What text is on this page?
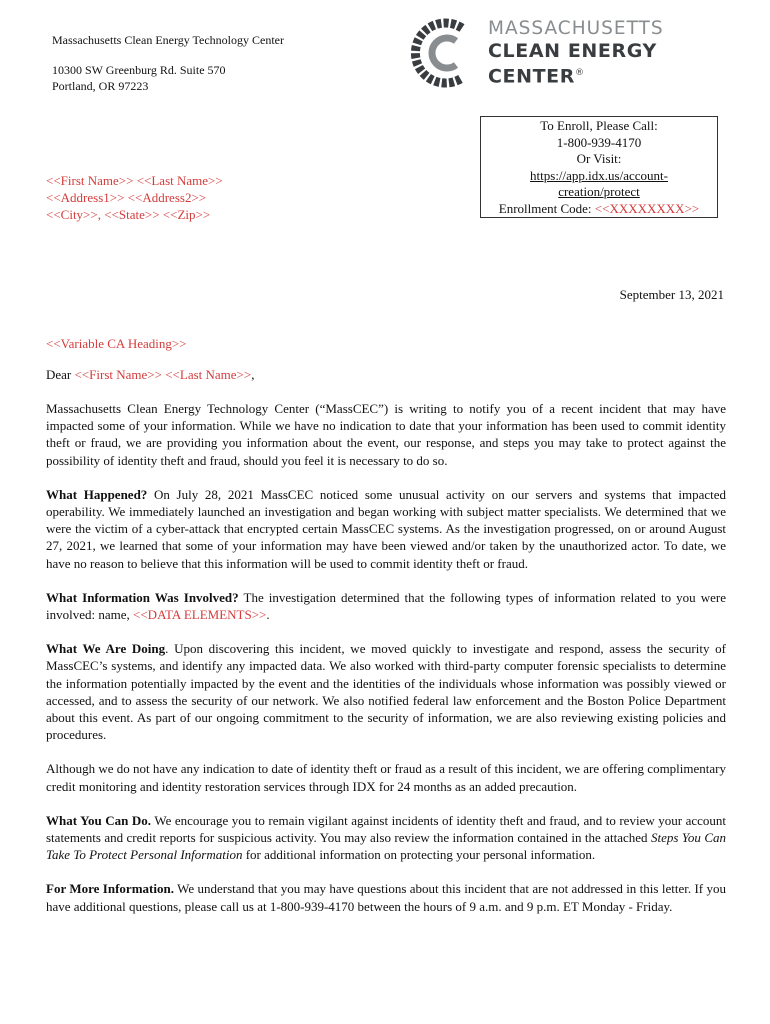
Massachusetts Clean Energy Technology Center
10300 SW Greenburg Rd. Suite 570
Portland, OR 97223
MASSACHUSETTS
CLEAN ENERGY
CENTER®
To Enroll, Please Call:
1-800-939-4170
Or Visit:
https://app.idx.us/account-
creation/protect
Enrollment Code: <<XXXXXXXX>>
<<First Name>> <<Last Name>>
<<Address1>> <<Address2>>
<<City>>, <<State>> <<Zip>>
September 13, 2021
<<Variable CA Heading>>
Dear <<First Name>> <<Last Name>>,

Massachusetts Clean Energy Technology Center (“MassCEC”) is writing to notify you of a recent incident that may have impacted some of your information. While we have no indication to date that your information has been used to commit identity theft or fraud, we are providing you information about the event, our response, and steps you may take to protect against the possibility of identity theft and fraud, should you feel it is necessary to do so.

What Happened? On July 28, 2021 MassCEC noticed some unusual activity on our servers and systems that impacted operability. We immediately launched an investigation and began working with subject matter specialists. We determined that we were the victim of a cyber-attack that encrypted certain MassCEC systems. As the investigation progressed, on or around August 27, 2021, we learned that some of your information may have been viewed and/or taken by the unauthorized actor. To date, we have no reason to believe that this information will be used to commit identity theft or fraud.

What Information Was Involved? The investigation determined that the following types of information related to you were involved: name, <<DATA ELEMENTS>>.

What We Are Doing. Upon discovering this incident, we moved quickly to investigate and respond, assess the security of MassCEC’s systems, and identify any impacted data. We also worked with third-party computer forensic specialists to determine the information potentially impacted by the event and the identities of the individuals whose information was possibly viewed or accessed, and to assess the security of our network. We also notified federal law enforcement and the Boston Police Department about this event. As part of our ongoing commitment to the security of information, we are also reviewing existing policies and procedures.

Although we do not have any indication to date of identity theft or fraud as a result of this incident, we are offering complimentary credit monitoring and identity restoration services through IDX for 24 months as an added precaution.

What You Can Do. We encourage you to remain vigilant against incidents of identity theft and fraud, and to review your account statements and credit reports for suspicious activity. You may also review the information contained in the attached Steps You Can Take To Protect Personal Information for additional information on protecting your personal information.

For More Information. We understand that you may have questions about this incident that are not addressed in this letter. If you have additional questions, please call us at 1-800-939-4170 between the hours of 9 a.m. and 9 p.m. ET Monday - Friday.
